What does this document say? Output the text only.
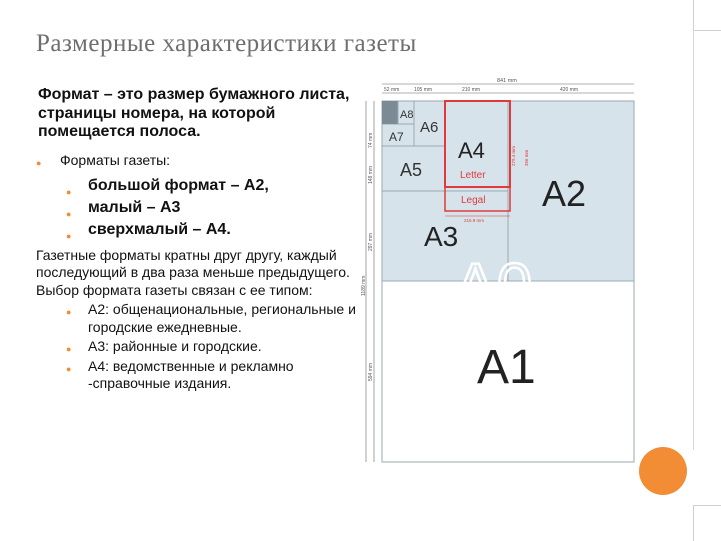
Размерные характеристики газеты
Формат – это размер бумажного листа, страницы номера, на которой помещается полоса.
● Форматы газеты:
● большой формат – А2,
● малый – А3
● сверхмалый – А4.
Газетные форматы кратны друг другу, каждый последующий в два раза меньше предыдущего.
Выбор формата газеты связан с ее типом:
● А2: общенациональные, региональные и городские ежедневные.
● А3: районные и городские.
● А4: ведомственные и рекламно -справочные издания.
841 mm
52 mm	105 mm	210 mm	420 mm
74 mm
148 mm
297 mm
1189 mm
594 mm
279.4 mm 356 mm
215.9 mm
A8
A7
A6
A5
A4
Letter
Legal
A3
A2
A0
A1
